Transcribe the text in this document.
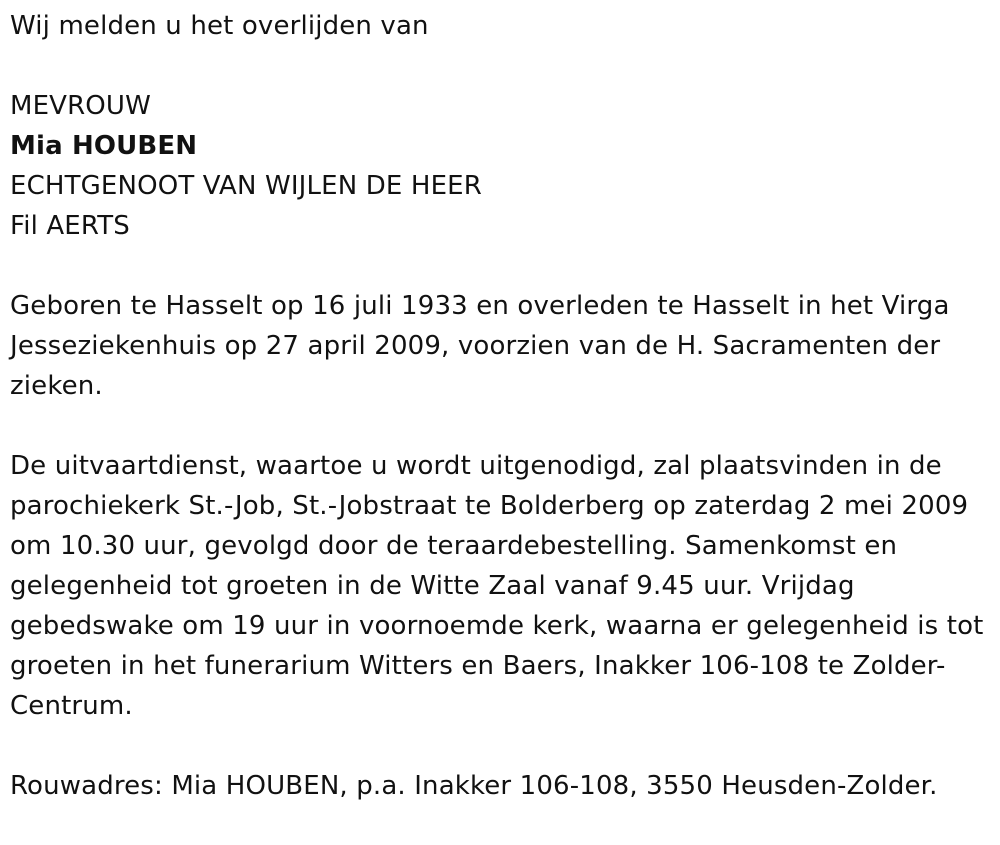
Wij melden u het overlijden van
MEVROUW
Mia HOUBEN
ECHTGENOOT VAN WIJLEN DE HEER
Fil AERTS
Geboren te Hasselt op 16 juli 1933 en overleden te Hasselt in het Virga Jesseziekenhuis op 27 april 2009, voorzien van de H. Sacramenten der zieken.
De uitvaartdienst, waartoe u wordt uitgenodigd, zal plaatsvinden in de parochiekerk St.-Job, St.-Jobstraat te Bolderberg op zaterdag 2 mei 2009 om 10.30 uur, gevolgd door de teraardebestelling. Samenkomst en gelegenheid tot groeten in de Witte Zaal vanaf 9.45 uur. Vrijdag gebedswake om 19 uur in voornoemde kerk, waarna er gelegenheid is tot groeten in het funerarium Witters en Baers, Inakker 106-108 te Zolder-Centrum.
Rouwadres: Mia HOUBEN, p.a. Inakker 106-108, 3550 Heusden-Zolder.
